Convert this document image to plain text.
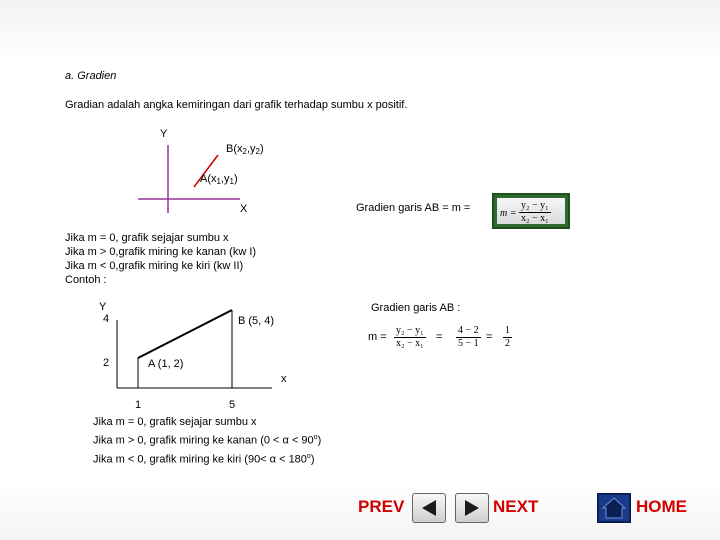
a. Gradien
Gradian adalah angka kemiringan dari grafik terhadap sumbu x positif.
Y
$B(x_2,y_2)$
$A(x_1,y_1)$
X	Gradien garis AB = m =	$m = \frac{\text{y₂ − y₁}}{\text{x₂ − x₁}}$
Jika m = 0, grafik sejajar sumbu x
Jika m > 0,grafik miring ke kanan (kw I)
Jika m < 0,grafik miring ke kiri (kw II)
Contoh :
Y
4
2
B (5, 4)
A (1, 2)
x
1	5
Gradien garis AB :
$m = \frac{\text{y₂ − y₁}}{\text{x₂ − x₁}} = \frac{4 - 2}{5 - 1} = \frac{1}{2}$
Jika m = 0, grafik sejajar sumbu x
Jika m > 0, grafik miring ke kanan $(0 < \alpha < 90^o)$
Jika m < 0, grafik miring ke kiri $(90< \alpha < 180^o)$
PREV	NEXT	HOME
